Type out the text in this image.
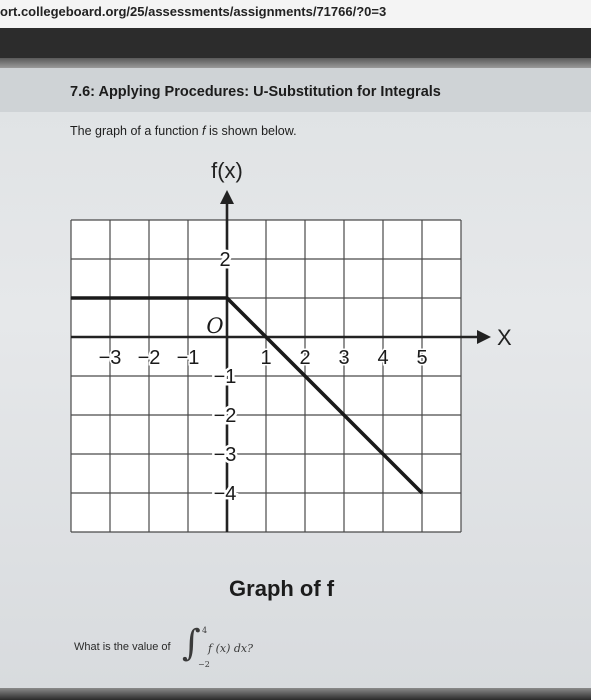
ort.collegeboard.org/25/assessments/assignments/71766/?0=3
7.6: Applying Procedures: U-Substitution for Integrals

The graph of a function f is shown below.

f(x)
X
−3 −2 −1	1 2 3 4 5
2
−1
−2
−3
−4
O
Graph of f

What is the value of ∫ 4
−2
f (x) dx?
